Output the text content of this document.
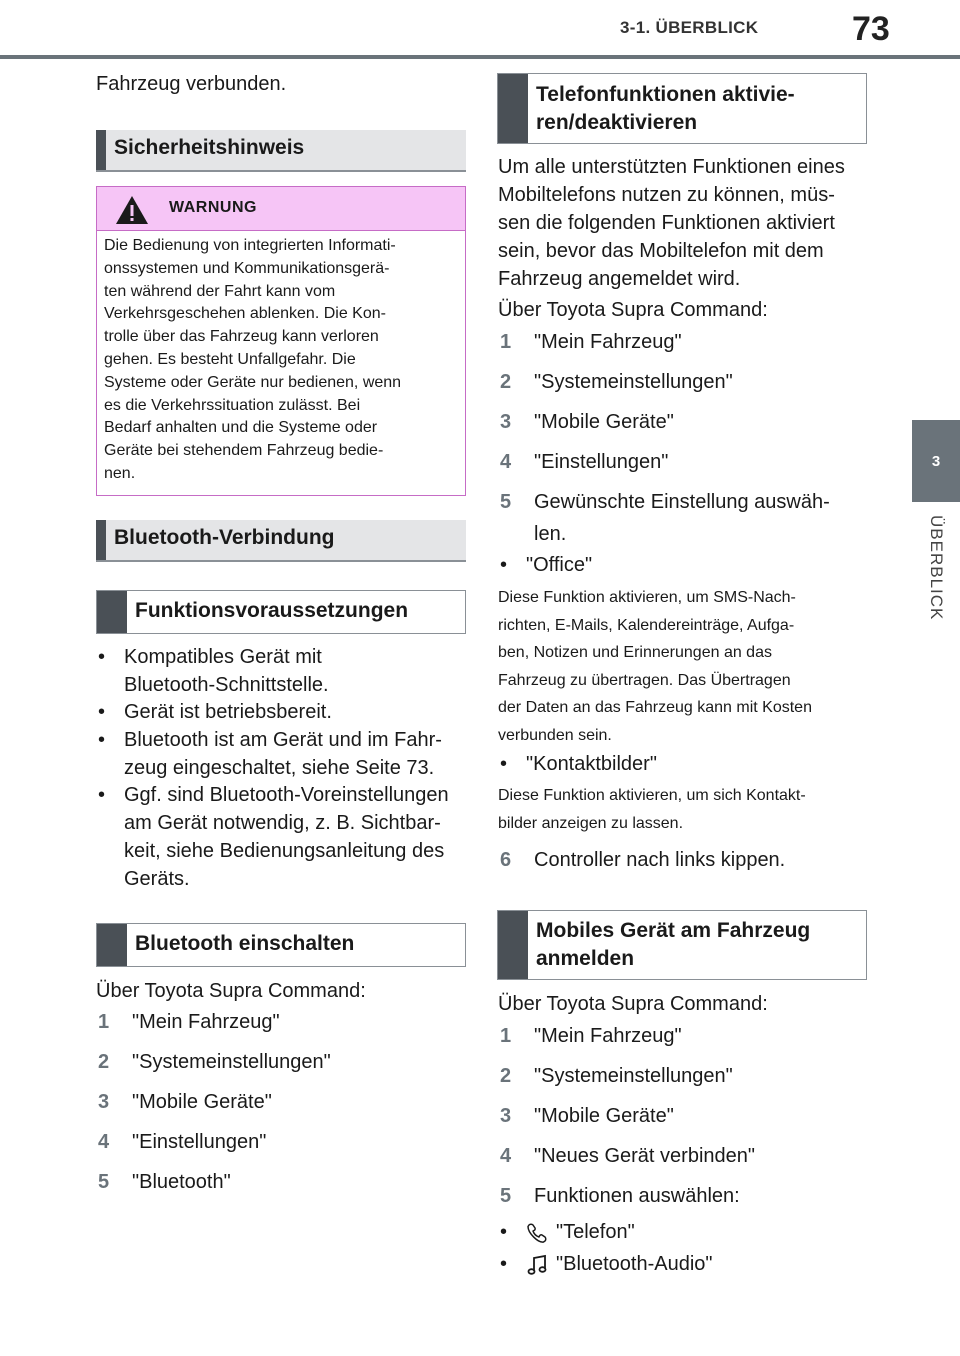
3-1. ÜBERBLICK	73
3
ÜBERBLICK
Fahrzeug verbunden.
Sicherheitshinweis
WARNUNG
Die Bedienung von integrierten Informati-
onssystemen und Kommunikationsgerä-
ten während der Fahrt kann vom
Verkehrsgeschehen ablenken. Die Kon-
trolle über das Fahrzeug kann verloren
gehen. Es besteht Unfallgefahr. Die
Systeme oder Geräte nur bedienen, wenn
es die Verkehrssituation zulässt. Bei
Bedarf anhalten und die Systeme oder
Geräte bei stehendem Fahrzeug bedie-
nen.
Bluetooth-Verbindung
Funktionsvoraussetzungen
• Kompatibles Gerät mit
Bluetooth-Schnittstelle.
• Gerät ist betriebsbereit.
• Bluetooth ist am Gerät und im Fahr-
zeug eingeschaltet, siehe Seite 73.
• Ggf. sind Bluetooth-Voreinstellungen
am Gerät notwendig, z. B. Sichtbar-
keit, siehe Bedienungsanleitung des
Geräts.
Bluetooth einschalten
Über Toyota Supra Command:
1 "Mein Fahrzeug"
2 "Systemeinstellungen"
3 "Mobile Geräte"
4 "Einstellungen"
5 "Bluetooth"
Telefonfunktionen aktivie-
ren/deaktivieren
Um alle unterstützten Funktionen eines
Mobiltelefons nutzen zu können, müs-
sen die folgenden Funktionen aktiviert
sein, bevor das Mobiltelefon mit dem
Fahrzeug angemeldet wird.
Über Toyota Supra Command:
1 "Mein Fahrzeug"
2 "Systemeinstellungen"
3 "Mobile Geräte"
4 "Einstellungen"
5 Gewünschte Einstellung auswäh-
len.
• "Office"
Diese Funktion aktivieren, um SMS-Nach-
richten, E-Mails, Kalendereinträge, Aufga-
ben, Notizen und Erinnerungen an das
Fahrzeug zu übertragen. Das Übertragen
der Daten an das Fahrzeug kann mit Kosten
verbunden sein.
• "Kontaktbilder"
Diese Funktion aktivieren, um sich Kontakt-
bilder anzeigen zu lassen.
6 Controller nach links kippen.
Mobiles Gerät am Fahrzeug
anmelden
Über Toyota Supra Command:
1 "Mein Fahrzeug"
2 "Systemeinstellungen"
3 "Mobile Geräte"
4 "Neues Gerät verbinden"
5 Funktionen auswählen:
•	"Telefon"
•	"Bluetooth-Audio"
